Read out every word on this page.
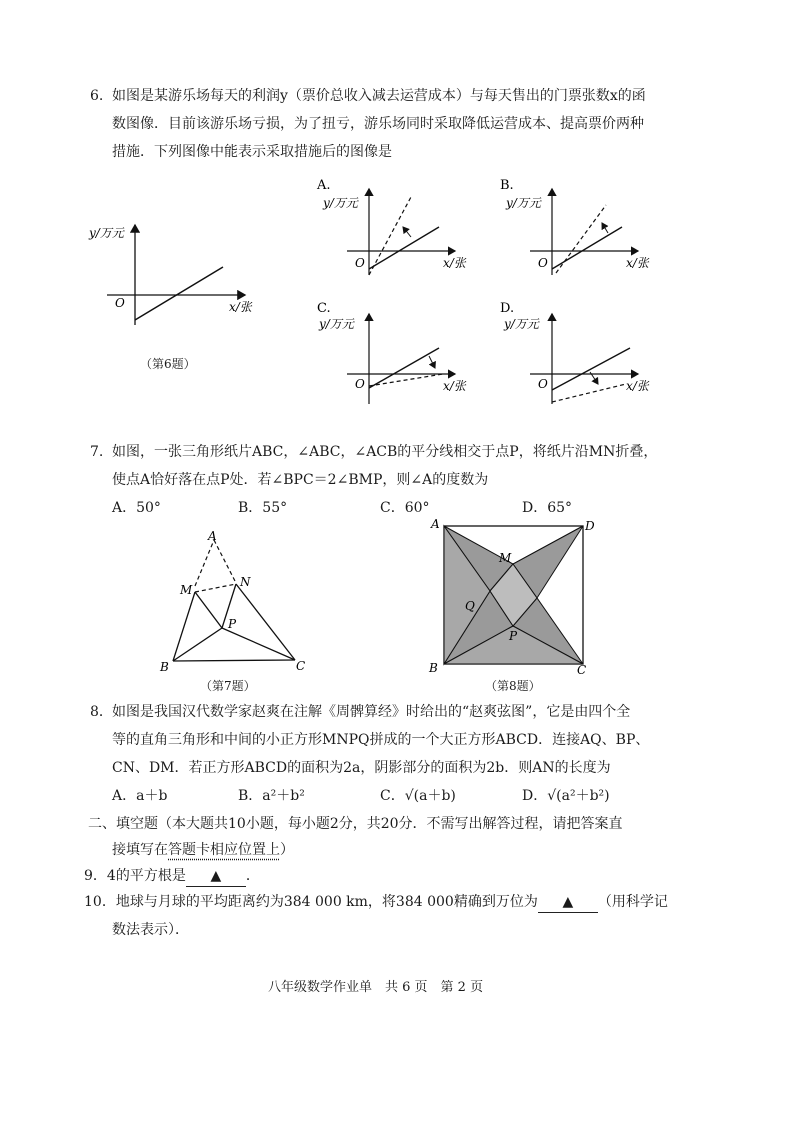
6. 如图是某游乐场每天的利润y（票价总收入减去运营成本）与每天售出的门票张数x的函
数图像．目前该游乐场亏损，为了扭亏，游乐场同时采取降低运营成本、提高票价两种
措施．下列图像中能表示采取措施后的图像是
y/万元
O	x/张
（第6题）
A.
y/万元
O	x/张
B.
y/万元
O	x/张
C.
y/万元
O	x/张
D.
y/万元
O	x/张
7. 如图，一张三角形纸片ABC，∠ABC，∠ACB的平分线相交于点P，将纸片沿MN折叠，
使点A恰好落在点P处．若∠BPC＝2∠BMP，则∠A的度数为
A．50°	B．55°	C．60°	D．65°
A
M
N
P
B	C
（第7题）
A	D
M
Q
P
B	C
（第8题）
8． 如图是我国汉代数学家赵爽在注解《周髀算经》时给出的“赵爽弦图”，它是由四个全
等的直角三角形和中间的小正方形MNPQ拼成的一个大正方形ABCD．连接AQ、BP、
CN、DM．若正方形ABCD的面积为2a，阴影部分的面积为2b．则AN的长度为
A．a＋b	B．a²＋b²	C．√(a＋b)	D．√(a²＋b²)
二、填空题（本大题共10小题，每小题2分，共20分．不需写出解答过程，请把答案直
接填写在答题卡相应位置上）
9．4的平方根是 ▲ ．
10．地球与月球的平均距离约为384 000 km，将384 000精确到万位为 ▲ （用科学记
数法表示）．
八年级数学作业单　共 6 页　第 2 页
